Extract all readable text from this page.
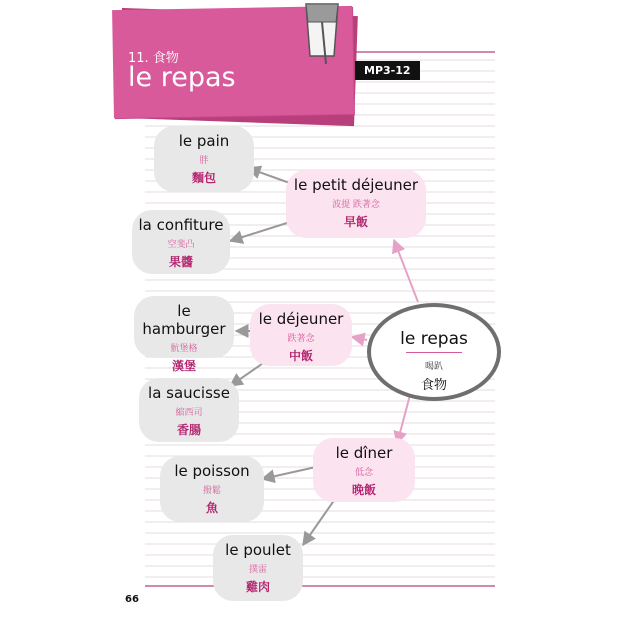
11. 食物
le repas	MP3-12
le pain
胖
麵包
la confiture
空斐凸
果醬
le hamburger
骯堡格
漢堡
la saucisse
縮西司
香腸
le poisson
撥鬆
魚
le poulet
撲雷
雞肉
le petit déjeuner
波提 跌著念
早飯
le déjeuner
跌著念
中飯
le dîner
低念
晚飯
le repas
喝趴
食物
66
